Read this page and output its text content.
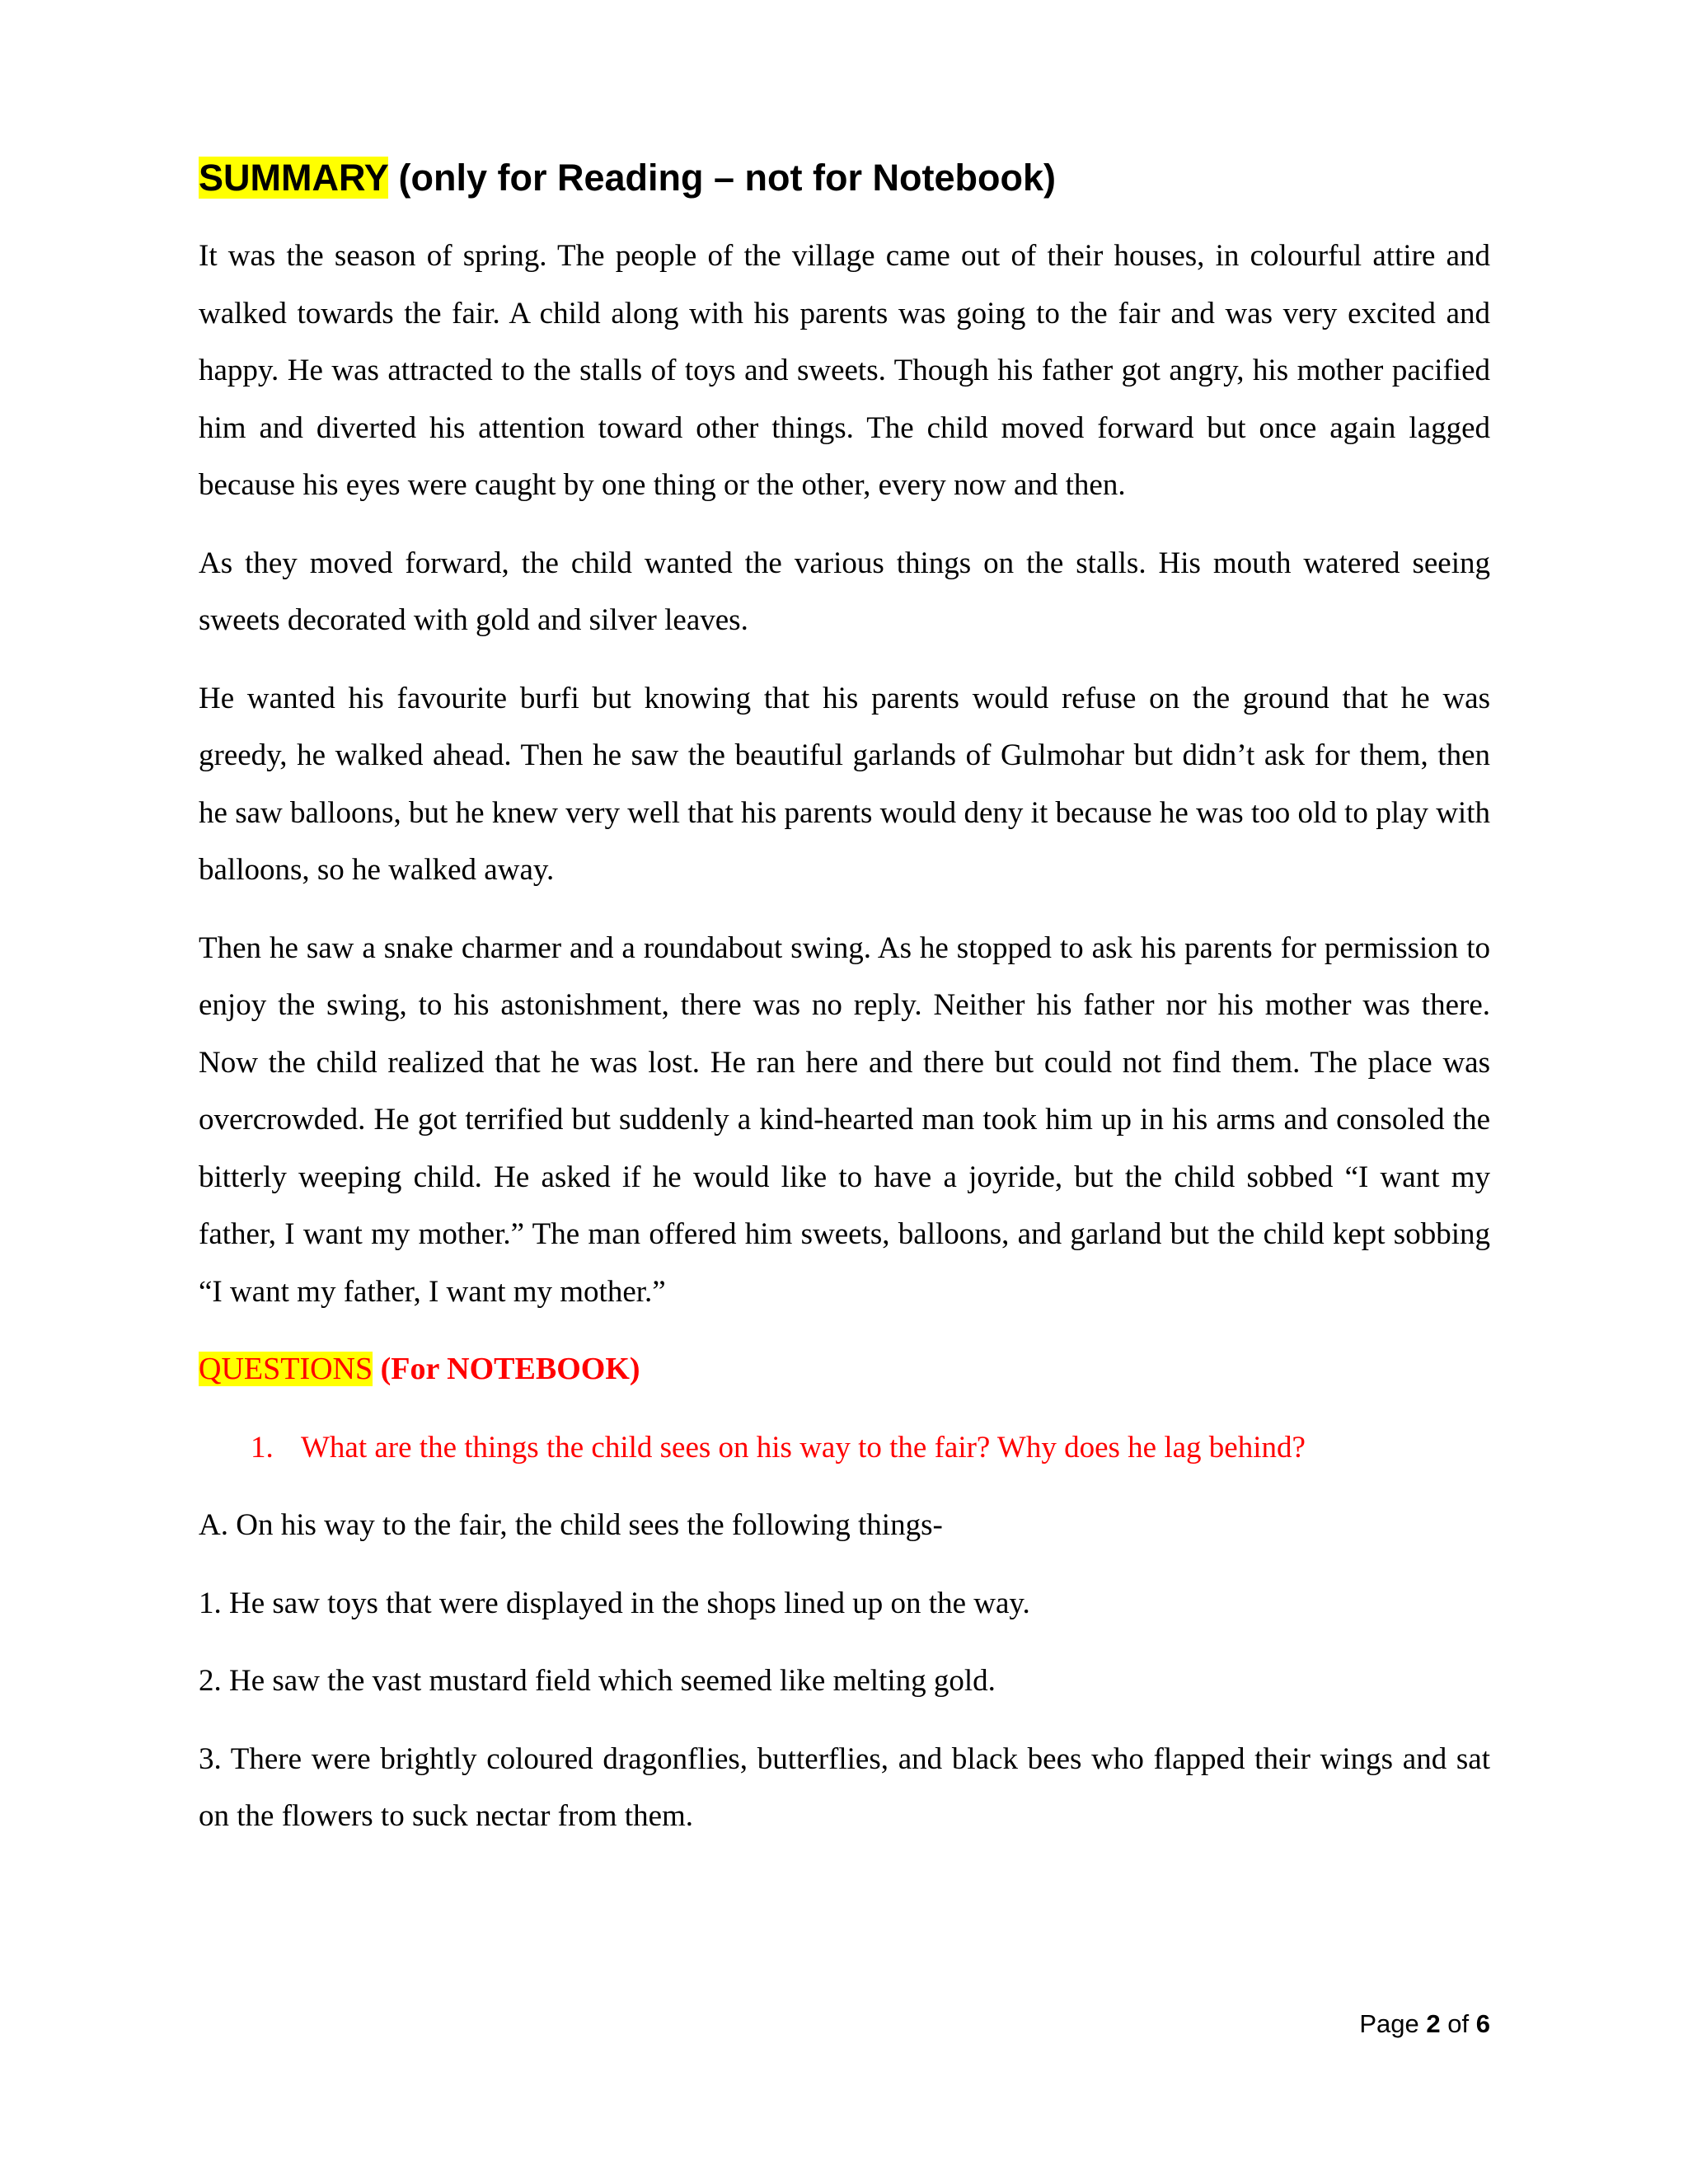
SUMMARY (only for Reading – not for Notebook)

It was the season of spring. The people of the village came out of their houses, in colourful attire and walked towards the fair. A child along with his parents was going to the fair and was very excited and happy. He was attracted to the stalls of toys and sweets. Though his father got angry, his mother pacified him and diverted his attention toward other things. The child moved forward but once again lagged because his eyes were caught by one thing or the other, every now and then.

As they moved forward, the child wanted the various things on the stalls. His mouth watered seeing sweets decorated with gold and silver leaves.

He wanted his favourite burfi but knowing that his parents would refuse on the ground that he was greedy, he walked ahead. Then he saw the beautiful garlands of Gulmohar but didn’t ask for them, then he saw balloons, but he knew very well that his parents would deny it because he was too old to play with balloons, so he walked away.

Then he saw a snake charmer and a roundabout swing. As he stopped to ask his parents for permission to enjoy the swing, to his astonishment, there was no reply. Neither his father nor his mother was there. Now the child realized that he was lost. He ran here and there but could not find them. The place was overcrowded. He got terrified but suddenly a kind-hearted man took him up in his arms and consoled the bitterly weeping child. He asked if he would like to have a joyride, but the child sobbed “I want my father, I want my mother.” The man offered him sweets, balloons, and garland but the child kept sobbing “I want my father, I want my mother.”

QUESTIONS (For NOTEBOOK)

1. What are the things the child sees on his way to the fair? Why does he lag behind?

A. On his way to the fair, the child sees the following things-

1. He saw toys that were displayed in the shops lined up on the way.

2. He saw the vast mustard field which seemed like melting gold.

3. There were brightly coloured dragonflies, butterflies, and black bees who flapped their wings and sat on the flowers to suck nectar from them.

Page 2 of 6
